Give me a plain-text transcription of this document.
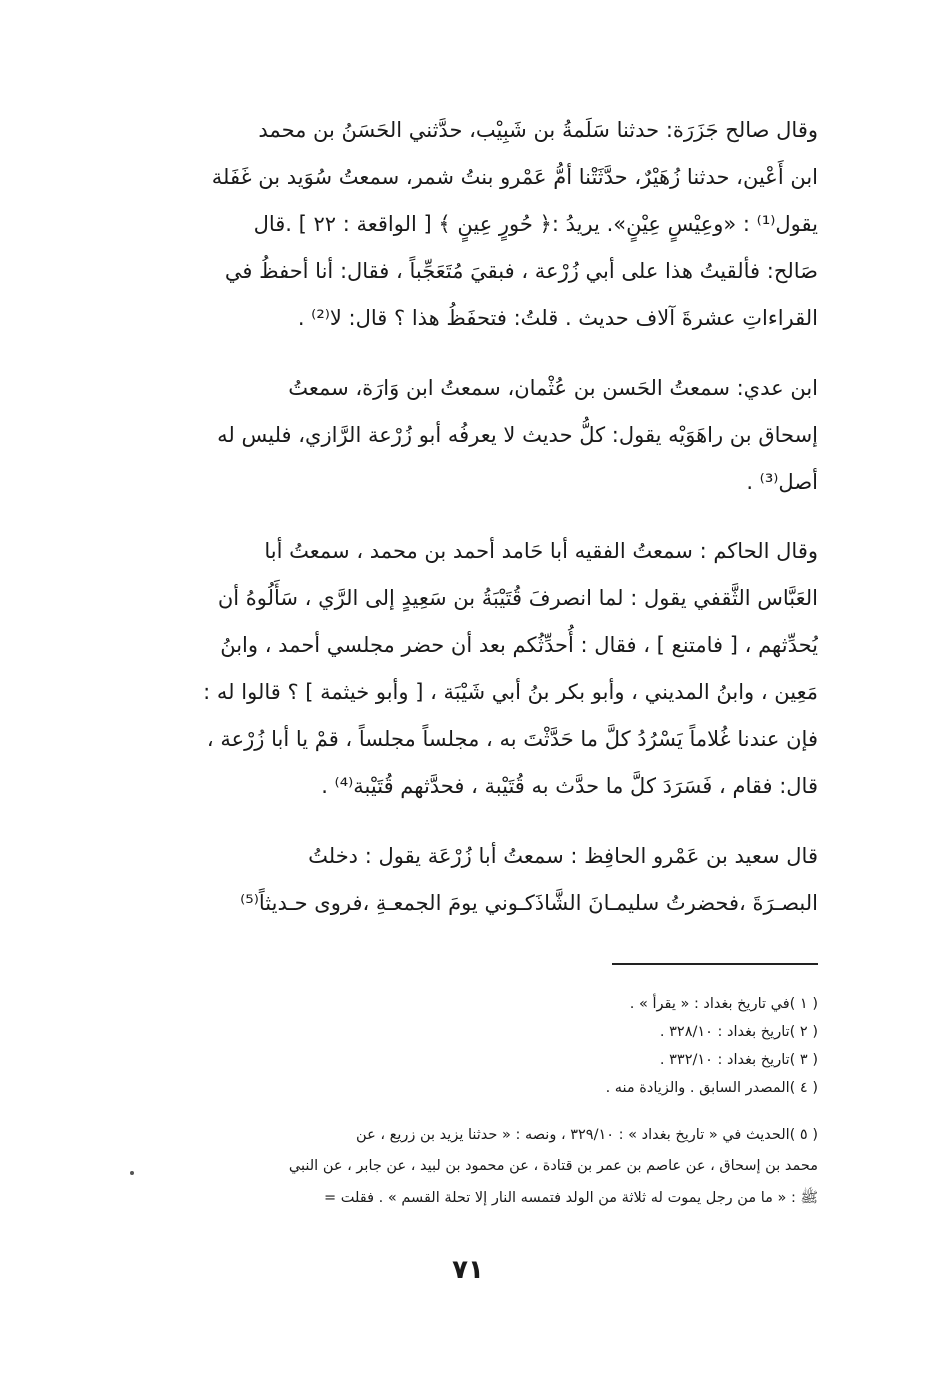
وقال صالح جَزَرَة: حدثنا سَلَمةُ بن شَبِيْب، حدَّثني الحَسَنُ بن محمد
ابن أَعْين، حدثنا زُهَيْرٌ، حدَّثَتْنا أمُّ عَمْرو بنتُ شمر، سمعتُ سُوَيد بن غَفَلة
يقول⁽¹⁾ : «وعِيْسٍ عِيْنٍ». يريدُ :﴿ حُورٍ عِينٍ ﴾ [ الواقعة : ٢٢ ] .قال
صَالح: فألقيتُ هذا على أبي زُرْعة ، فبقيَ مُتَعَجِّباً ، فقال: أنا أحفظُ في
القراءاتِ عشرةَ آلاف حديث . قلتُ: فتحفَظُ هذا ؟ قال: لا⁽²⁾ .
ابن عدي: سمعتُ الحَسن بن عُثْمان، سمعتُ ابن وَارَة، سمعتُ
إسحاق بن راهَوَيْه يقول: كلُّ حديث لا يعرفُه أبو زُرْعة الرَّازي، فليس له
أصل⁽³⁾ .
وقال الحاكم : سمعتُ الفقيه أبا حَامد أحمد بن محمد ، سمعتُ أبا
العَبَّاس الثَّقفي يقول : لما انصرفَ قُتَيْبَةُ بن سَعِيدٍ إلى الرَّي ، سَأَلُوهُ أن
يُحدِّثهم ، [ فامتنع ] ، فقال : أُحدِّثُكم بعد أن حضر مجلسي أحمد ، وابنُ
مَعِين ، وابنُ المديني ، وأبو بكر بنُ أبي شَيْبَة ، [ وأبو خيثمة ] ؟ قالوا له :
فإن عندنا غُلاماً يَسْرُدُ كلَّ ما حَدَّثْتَ به ، مجلساً مجلساً ، قمْ يا أبا زُرْعة ،
قال: فقام ، فَسَرَدَ كلَّ ما حدَّث به قُتَيْبة ، فحدَّثهم قُتَيْبة⁽⁴⁾ .
قال سعيد بن عَمْرو الحافِظ : سمعتُ أبا زُرْعَة يقول : دخلتُ
البصـرَةَ ،فحضرتُ سليمـانَ الشَّاذَكـوني يومَ الجمعـةِ ،فروى حـديثاً⁽⁵⁾
( ١ )في تاريخ بغداد : « يقرأ » .
( ٢ )تاريخ بغداد : ٣٢٨/١٠ .
( ٣ )تاريخ بغداد : ٣٣٢/١٠ .
( ٤ )المصدر السابق . والزيادة منه .
( ٥ )الحديث في « تاريخ بغداد » : ٣٢٩/١٠ ، ونصه : « حدثنا يزيد بن زريع ، عن
محمد بن إسحاق ، عن عاصم بن عمر بن قتادة ، عن محمود بن لبيد ، عن جابر ، عن النبي
ﷺ : « ما من رجل يموت له ثلاثة من الولد فتمسه النار إلا تحلة القسم » . فقلت =
٧١
